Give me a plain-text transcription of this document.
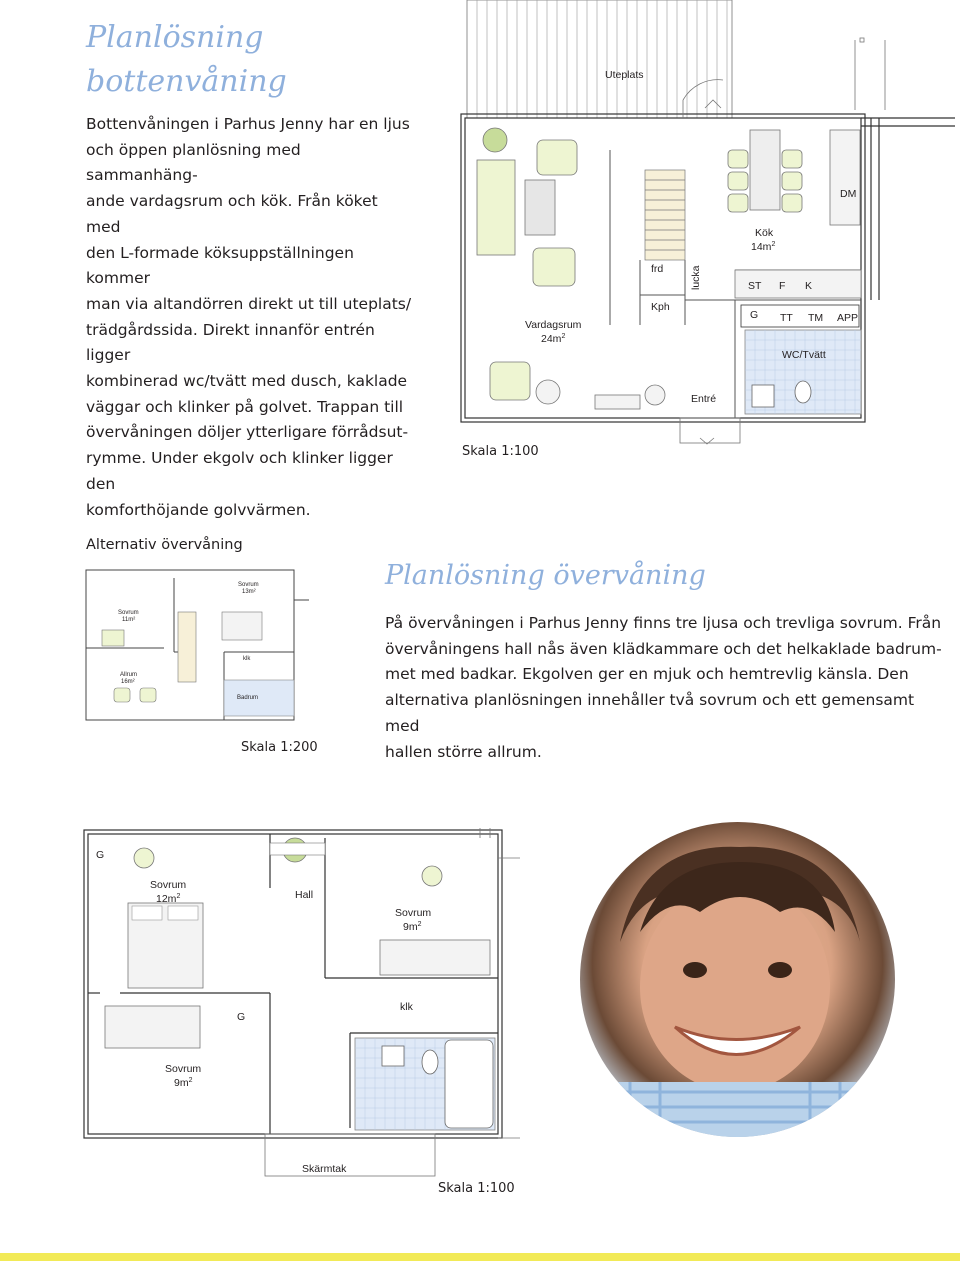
Planlösning
bottenvåning
Bottenvåningen i Parhus Jenny har en ljus
och öppen planlösning med sammanhäng-
ande vardagsrum och kök. Från köket med
den L-formade köksuppställningen kommer
man via altandörren direkt ut till uteplats/
trädgårdssida. Direkt innanför entrén ligger
kombinerad wc/tvätt med dusch, kaklade
väggar och klinker på golvet. Trappan till
övervåningen döljer ytterligare förrådsut-
rymme. Under ekgolv och klinker ligger den
komforthöjande golvvärmen.
Uteplats
Kök
$14m^2$
frd	lucka
Kph
Vardagsrum
$24m^2$
ST F K
G TT TM APP
WC/Tvätt
Entré
DM
Skala 1:100
Alternativ övervåning
Sovrum
11m²
Sovrum
13m²
Allrum
16m²
klk
Badrum
Skala 1:200
Planlösning övervåning
På övervåningen i Parhus Jenny finns tre ljusa och trevliga sovrum. Från
övervåningens hall nås även klädkammare och det helkaklade badrum-
met med badkar. Ekgolven ger en mjuk och hemtrevlig känsla. Den
alternativa planlösningen innehåller två sovrum och ett gemensamt med
hallen större allrum.
G
Sovrum
$12m^2$	Hall
Sovrum
$9m^2$
klk
G
Sovrum
$9m^2$
Skärmtak
Skala 1:100
